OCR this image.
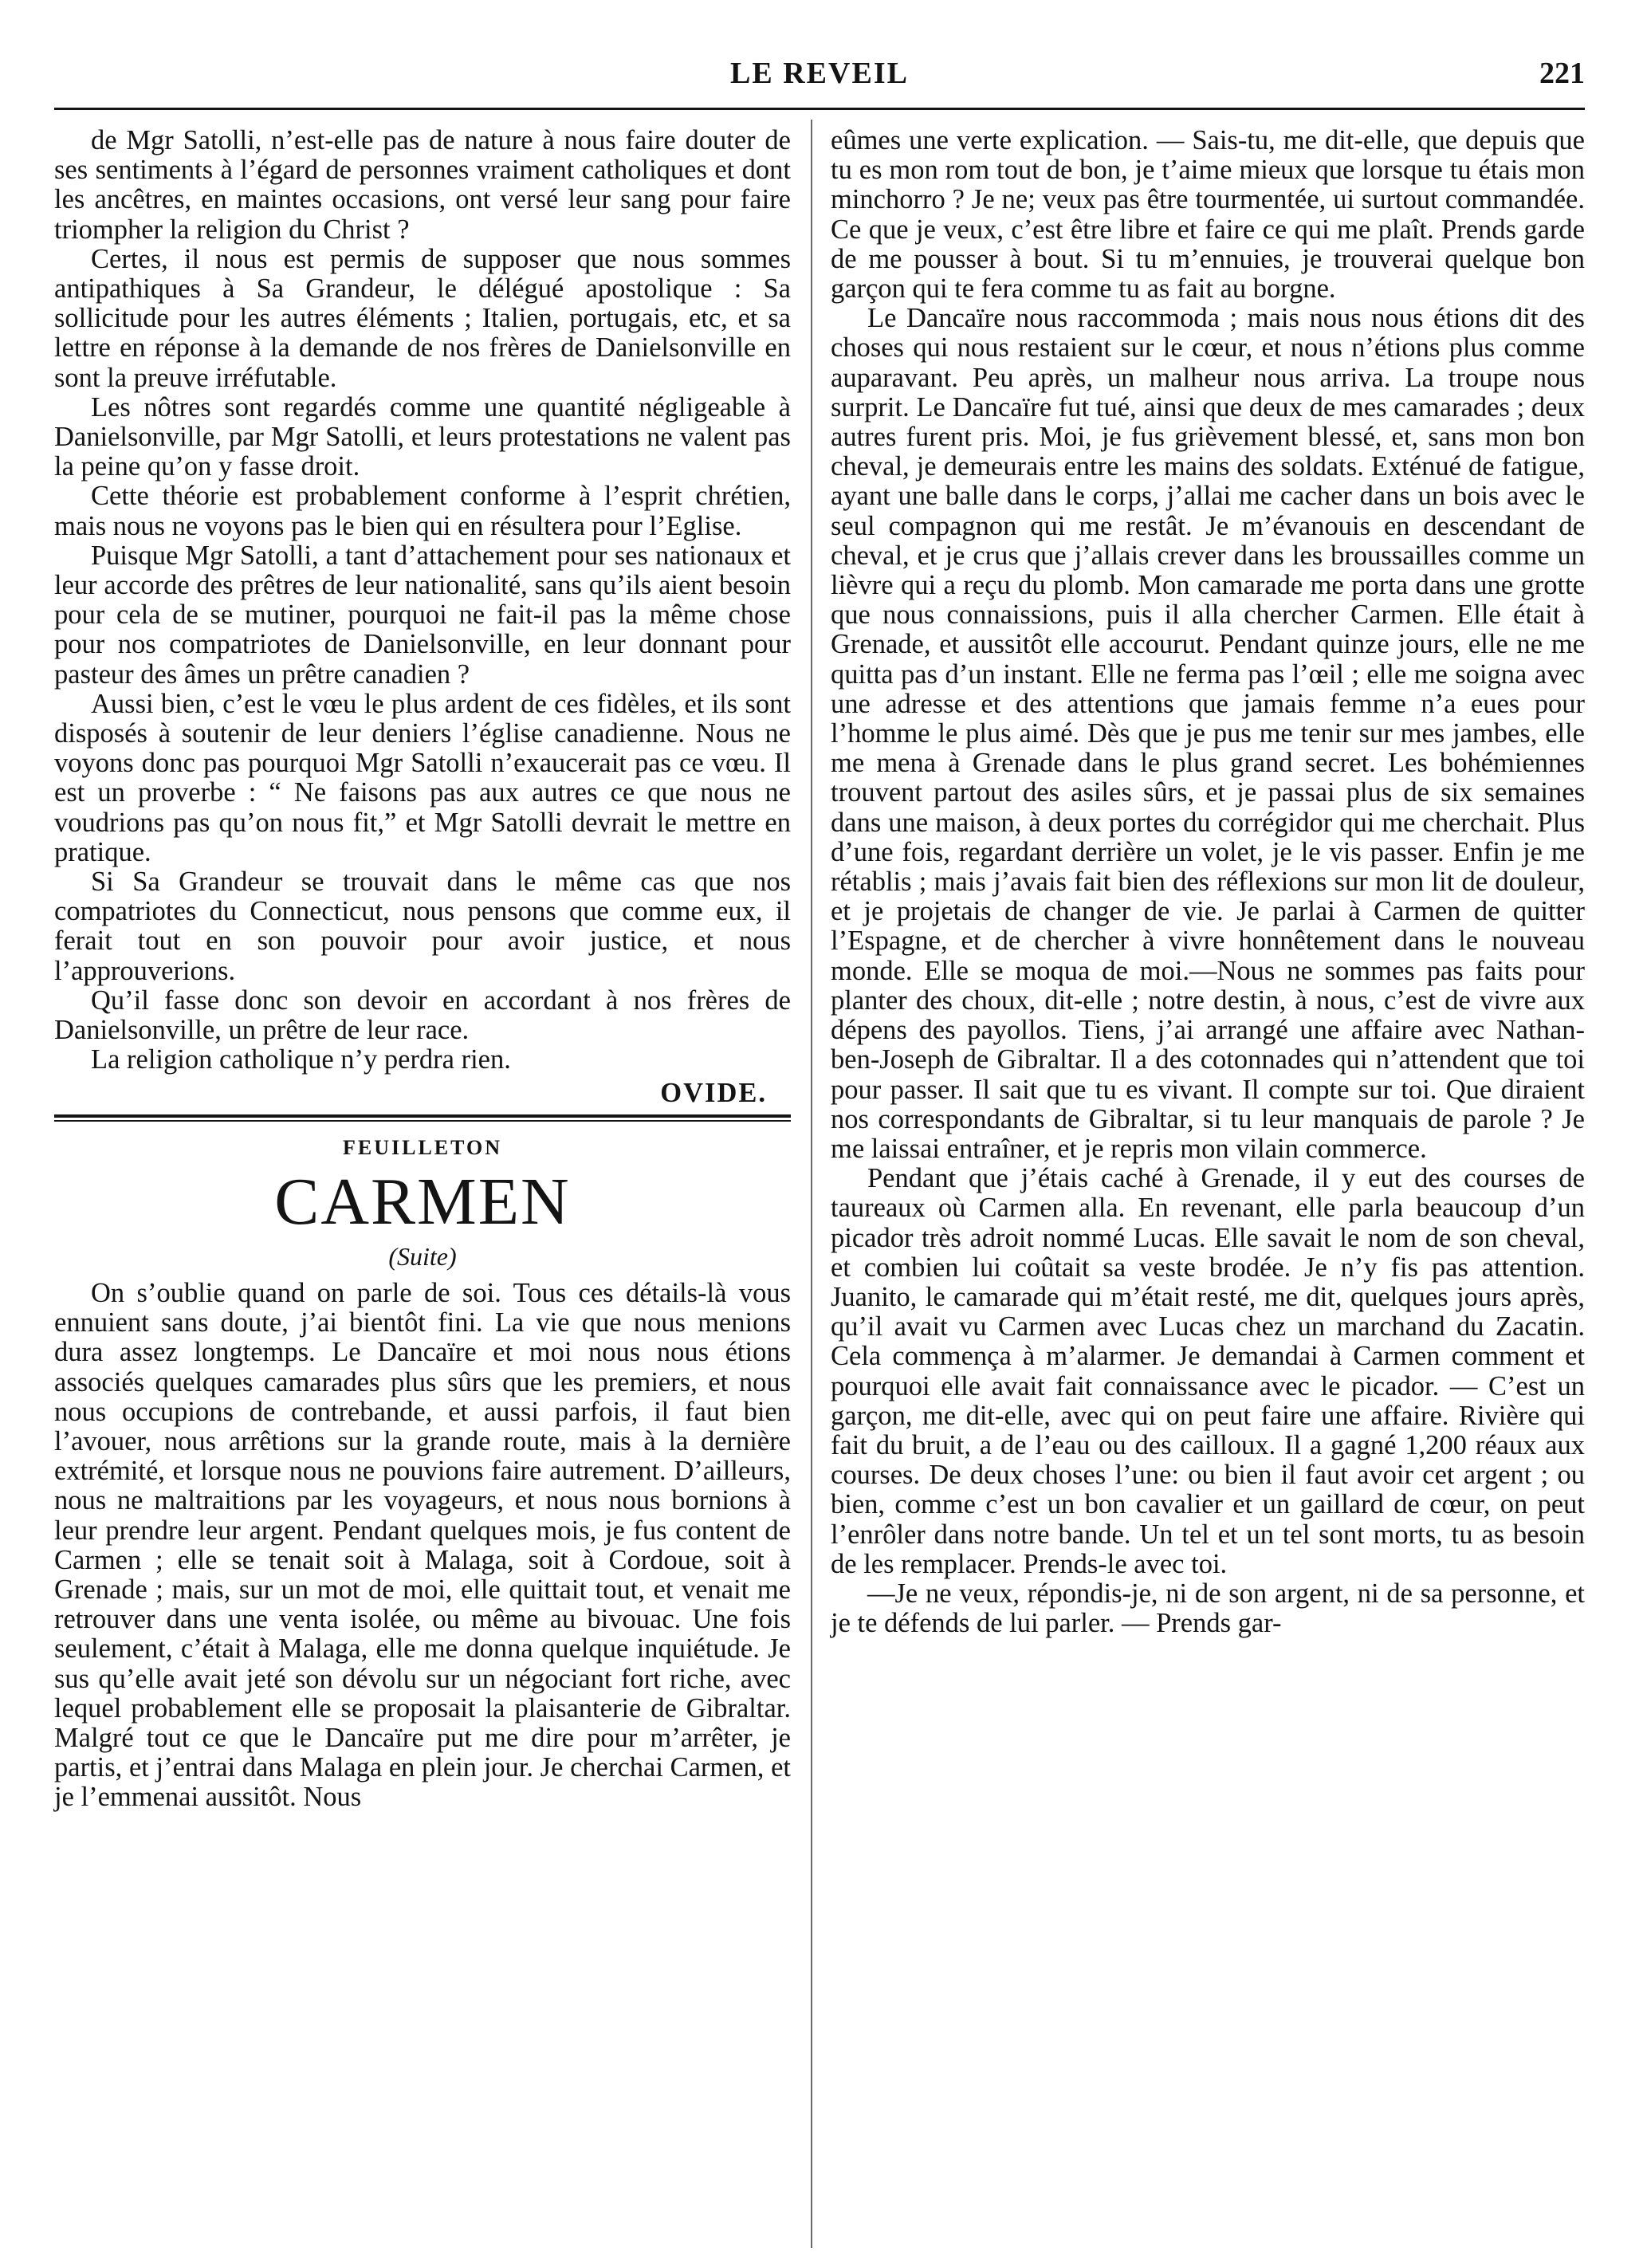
LE REVEIL	221

de Mgr Satolli, n’est-elle pas de nature à nous faire douter de ses sentiments à l’égard de personnes vraiment catholiques et dont les ancêtres, en maintes occasions, ont versé leur sang pour faire triompher la religion du Christ ?

Certes, il nous est permis de supposer que nous sommes antipathiques à Sa Grandeur, le délégué apostolique : Sa sollicitude pour les autres éléments ; Italien, portugais, etc, et sa lettre en réponse à la demande de nos frères de Danielsonville en sont la preuve irréfutable.

Les nôtres sont regardés comme une quantité négligeable à Danielsonville, par Mgr Satolli, et leurs protestations ne valent pas la peine qu’on y fasse droit.

Cette théorie est probablement conforme à l’esprit chrétien, mais nous ne voyons pas le bien qui en résultera pour l’Eglise.

Puisque Mgr Satolli, a tant d’attachement pour ses nationaux et leur accorde des prêtres de leur nationalité, sans qu’ils aient besoin pour cela de se mutiner, pourquoi ne fait-il pas la même chose pour nos compatriotes de Danielsonville, en leur donnant pour pasteur des âmes un prêtre canadien ?

Aussi bien, c’est le vœu le plus ardent de ces fidèles, et ils sont disposés à soutenir de leur deniers l’église canadienne. Nous ne voyons donc pas pourquoi Mgr Satolli n’exaucerait pas ce vœu. Il est un proverbe : “ Ne faisons pas aux autres ce que nous ne voudrions pas qu’on nous fit,” et Mgr Satolli devrait le mettre en pratique.

Si Sa Grandeur se trouvait dans le même cas que nos compatriotes du Connecticut, nous pensons que comme eux, il ferait tout en son pouvoir pour avoir justice, et nous l’approuverions.

Qu’il fasse donc son devoir en accordant à nos frères de Danielsonville, un prêtre de leur race.

La religion catholique n’y perdra rien.

OVIDE.
FEUILLETON
CARMEN
(Suite)

On s’oublie quand on parle de soi. Tous ces détails-là vous ennuient sans doute, j’ai bientôt fini. La vie que nous menions dura assez longtemps. Le Dancaïre et moi nous nous étions associés quelques camarades plus sûrs que les premiers, et nous nous occupions de contrebande, et aussi parfois, il faut bien l’avouer, nous arrêtions sur la grande route, mais à la dernière extrémité, et lorsque nous ne pouvions faire autrement. D’ailleurs, nous ne maltraitions par les voyageurs, et nous nous bornions à leur prendre leur argent. Pendant quelques mois, je fus content de Carmen ; elle se tenait soit à Malaga, soit à Cordoue, soit à Grenade ; mais, sur un mot de moi, elle quittait tout, et venait me retrouver dans une venta isolée, ou même au bivouac. Une fois seulement, c’était à Malaga, elle me donna quelque inquiétude. Je sus qu’elle avait jeté son dévolu sur un négociant fort riche, avec lequel probablement elle se proposait la plaisanterie de Gibraltar. Malgré tout ce que le Dancaïre put me dire pour m’arrêter, je partis, et j’entrai dans Malaga en plein jour. Je cherchai Carmen, et je l’emmenai aussitôt. Nous

eûmes une verte explication. — Sais-tu, me dit-elle, que depuis que tu es mon rom tout de bon, je t’aime mieux que lorsque tu étais mon minchorro ? Je ne; veux pas être tourmentée, ui surtout commandée. Ce que je veux, c’est être libre et faire ce qui me plaît. Prends garde de me pousser à bout. Si tu m’ennuies, je trouverai quelque bon garçon qui te fera comme tu as fait au borgne.

Le Dancaïre nous raccommoda ; mais nous nous étions dit des choses qui nous restaient sur le cœur, et nous n’étions plus comme auparavant. Peu après, un malheur nous arriva. La troupe nous surprit. Le Dancaïre fut tué, ainsi que deux de mes camarades ; deux autres furent pris. Moi, je fus grièvement blessé, et, sans mon bon cheval, je demeurais entre les mains des soldats. Exténué de fatigue, ayant une balle dans le corps, j’allai me cacher dans un bois avec le seul compagnon qui me restât. Je m’évanouis en descendant de cheval, et je crus que j’allais crever dans les broussailles comme un lièvre qui a reçu du plomb. Mon camarade me porta dans une grotte que nous connaissions, puis il alla chercher Carmen. Elle était à Grenade, et aussitôt elle accourut. Pendant quinze jours, elle ne me quitta pas d’un instant. Elle ne ferma pas l’œil ; elle me soigna avec une adresse et des attentions que jamais femme n’a eues pour l’homme le plus aimé. Dès que je pus me tenir sur mes jambes, elle me mena à Grenade dans le plus grand secret. Les bohémiennes trouvent partout des asiles sûrs, et je passai plus de six semaines dans une maison, à deux portes du corrégidor qui me cherchait. Plus d’une fois, regardant derrière un volet, je le vis passer. Enfin je me rétablis ; mais j’avais fait bien des réflexions sur mon lit de douleur, et je projetais de changer de vie. Je parlai à Carmen de quitter l’Espagne, et de chercher à vivre honnêtement dans le nouveau monde. Elle se moqua de moi.—Nous ne sommes pas faits pour planter des choux, dit-elle ; notre destin, à nous, c’est de vivre aux dépens des payollos. Tiens, j’ai arrangé une affaire avec Nathan-ben-Joseph de Gibraltar. Il a des cotonnades qui n’attendent que toi pour passer. Il sait que tu es vivant. Il compte sur toi. Que diraient nos correspondants de Gibraltar, si tu leur manquais de parole ? Je me laissai entraîner, et je repris mon vilain commerce.

Pendant que j’étais caché à Grenade, il y eut des courses de taureaux où Carmen alla. En revenant, elle parla beaucoup d’un picador très adroit nommé Lucas. Elle savait le nom de son cheval, et combien lui coûtait sa veste brodée. Je n’y fis pas attention. Juanito, le camarade qui m’était resté, me dit, quelques jours après, qu’il avait vu Carmen avec Lucas chez un marchand du Zacatin. Cela commença à m’alarmer. Je demandai à Carmen comment et pourquoi elle avait fait connaissance avec le picador. — C’est un garçon, me dit-elle, avec qui on peut faire une affaire. Rivière qui fait du bruit, a de l’eau ou des cailloux. Il a gagné 1,200 réaux aux courses. De deux choses l’une: ou bien il faut avoir cet argent ; ou bien, comme c’est un bon cavalier et un gaillard de cœur, on peut l’enrôler dans notre bande. Un tel et un tel sont morts, tu as besoin de les remplacer. Prends-le avec toi.

—Je ne veux, répondis-je, ni de son argent, ni de sa personne, et je te défends de lui parler. — Prends gar-
